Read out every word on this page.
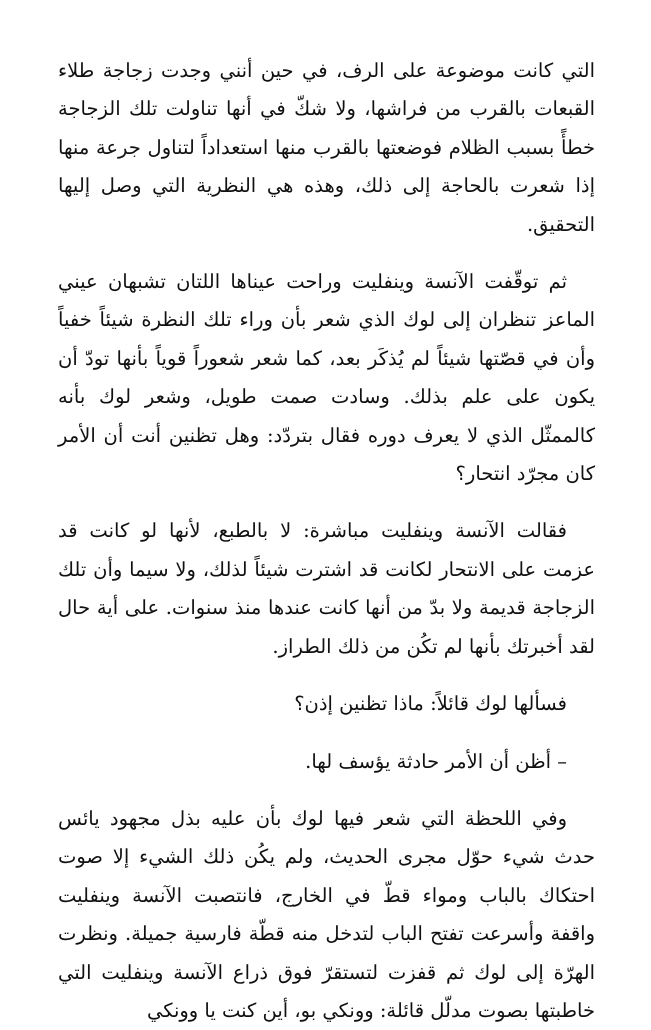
التي كانت موضوعة على الرف، في حين أنني وجدت زجاجة طلاء القبعات بالقرب من فراشها، ولا شكّ في أنها تناولت تلك الزجاجة خطأً بسبب الظلام فوضعتها بالقرب منها استعداداً لتناول جرعة منها إذا شعرت بالحاجة إلى ذلك، وهذه هي النظرية التي وصل إليها التحقيق.

ثم توقّفت الآنسة وينفليت وراحت عيناها اللتان تشبهان عيني الماعز تنظران إلى لوك الذي شعر بأن وراء تلك النظرة شيئاً خفياً وأن في قصّتها شيئاً لم يُذكَر بعد، كما شعر شعوراً قوياً بأنها تودّ أن يكون على علم بذلك. وسادت صمت طويل، وشعر لوك بأنه كالممثّل الذي لا يعرف دوره فقال بتردّد: وهل تظنين أنت أن الأمر كان مجرّد انتحار؟

فقالت الآنسة وينفليت مباشرة: لا بالطبع، لأنها لو كانت قد عزمت على الانتحار لكانت قد اشترت شيئاً لذلك، ولا سيما وأن تلك الزجاجة قديمة ولا بدّ من أنها كانت عندها منذ سنوات. على أية حال لقد أخبرتك بأنها لم تكُن من ذلك الطراز.

فسألها لوك قائلاً: ماذا تظنين إذن؟

– أظن أن الأمر حادثة يؤسف لها.

وفي اللحظة التي شعر فيها لوك بأن عليه بذل مجهود يائس حدث شيء حوّل مجرى الحديث، ولم يكُن ذلك الشيء إلا صوت احتكاك بالباب ومواء قطّ في الخارج، فانتصبت الآنسة وينفليت واقفة وأسرعت تفتح الباب لتدخل منه قطّة فارسية جميلة. ونظرت الهرّة إلى لوك ثم قفزت لتستقرّ فوق ذراع الآنسة وينفليت التي خاطبتها بصوت مدلّل قائلة: وونكي بو، أين كنت يا وونكي
